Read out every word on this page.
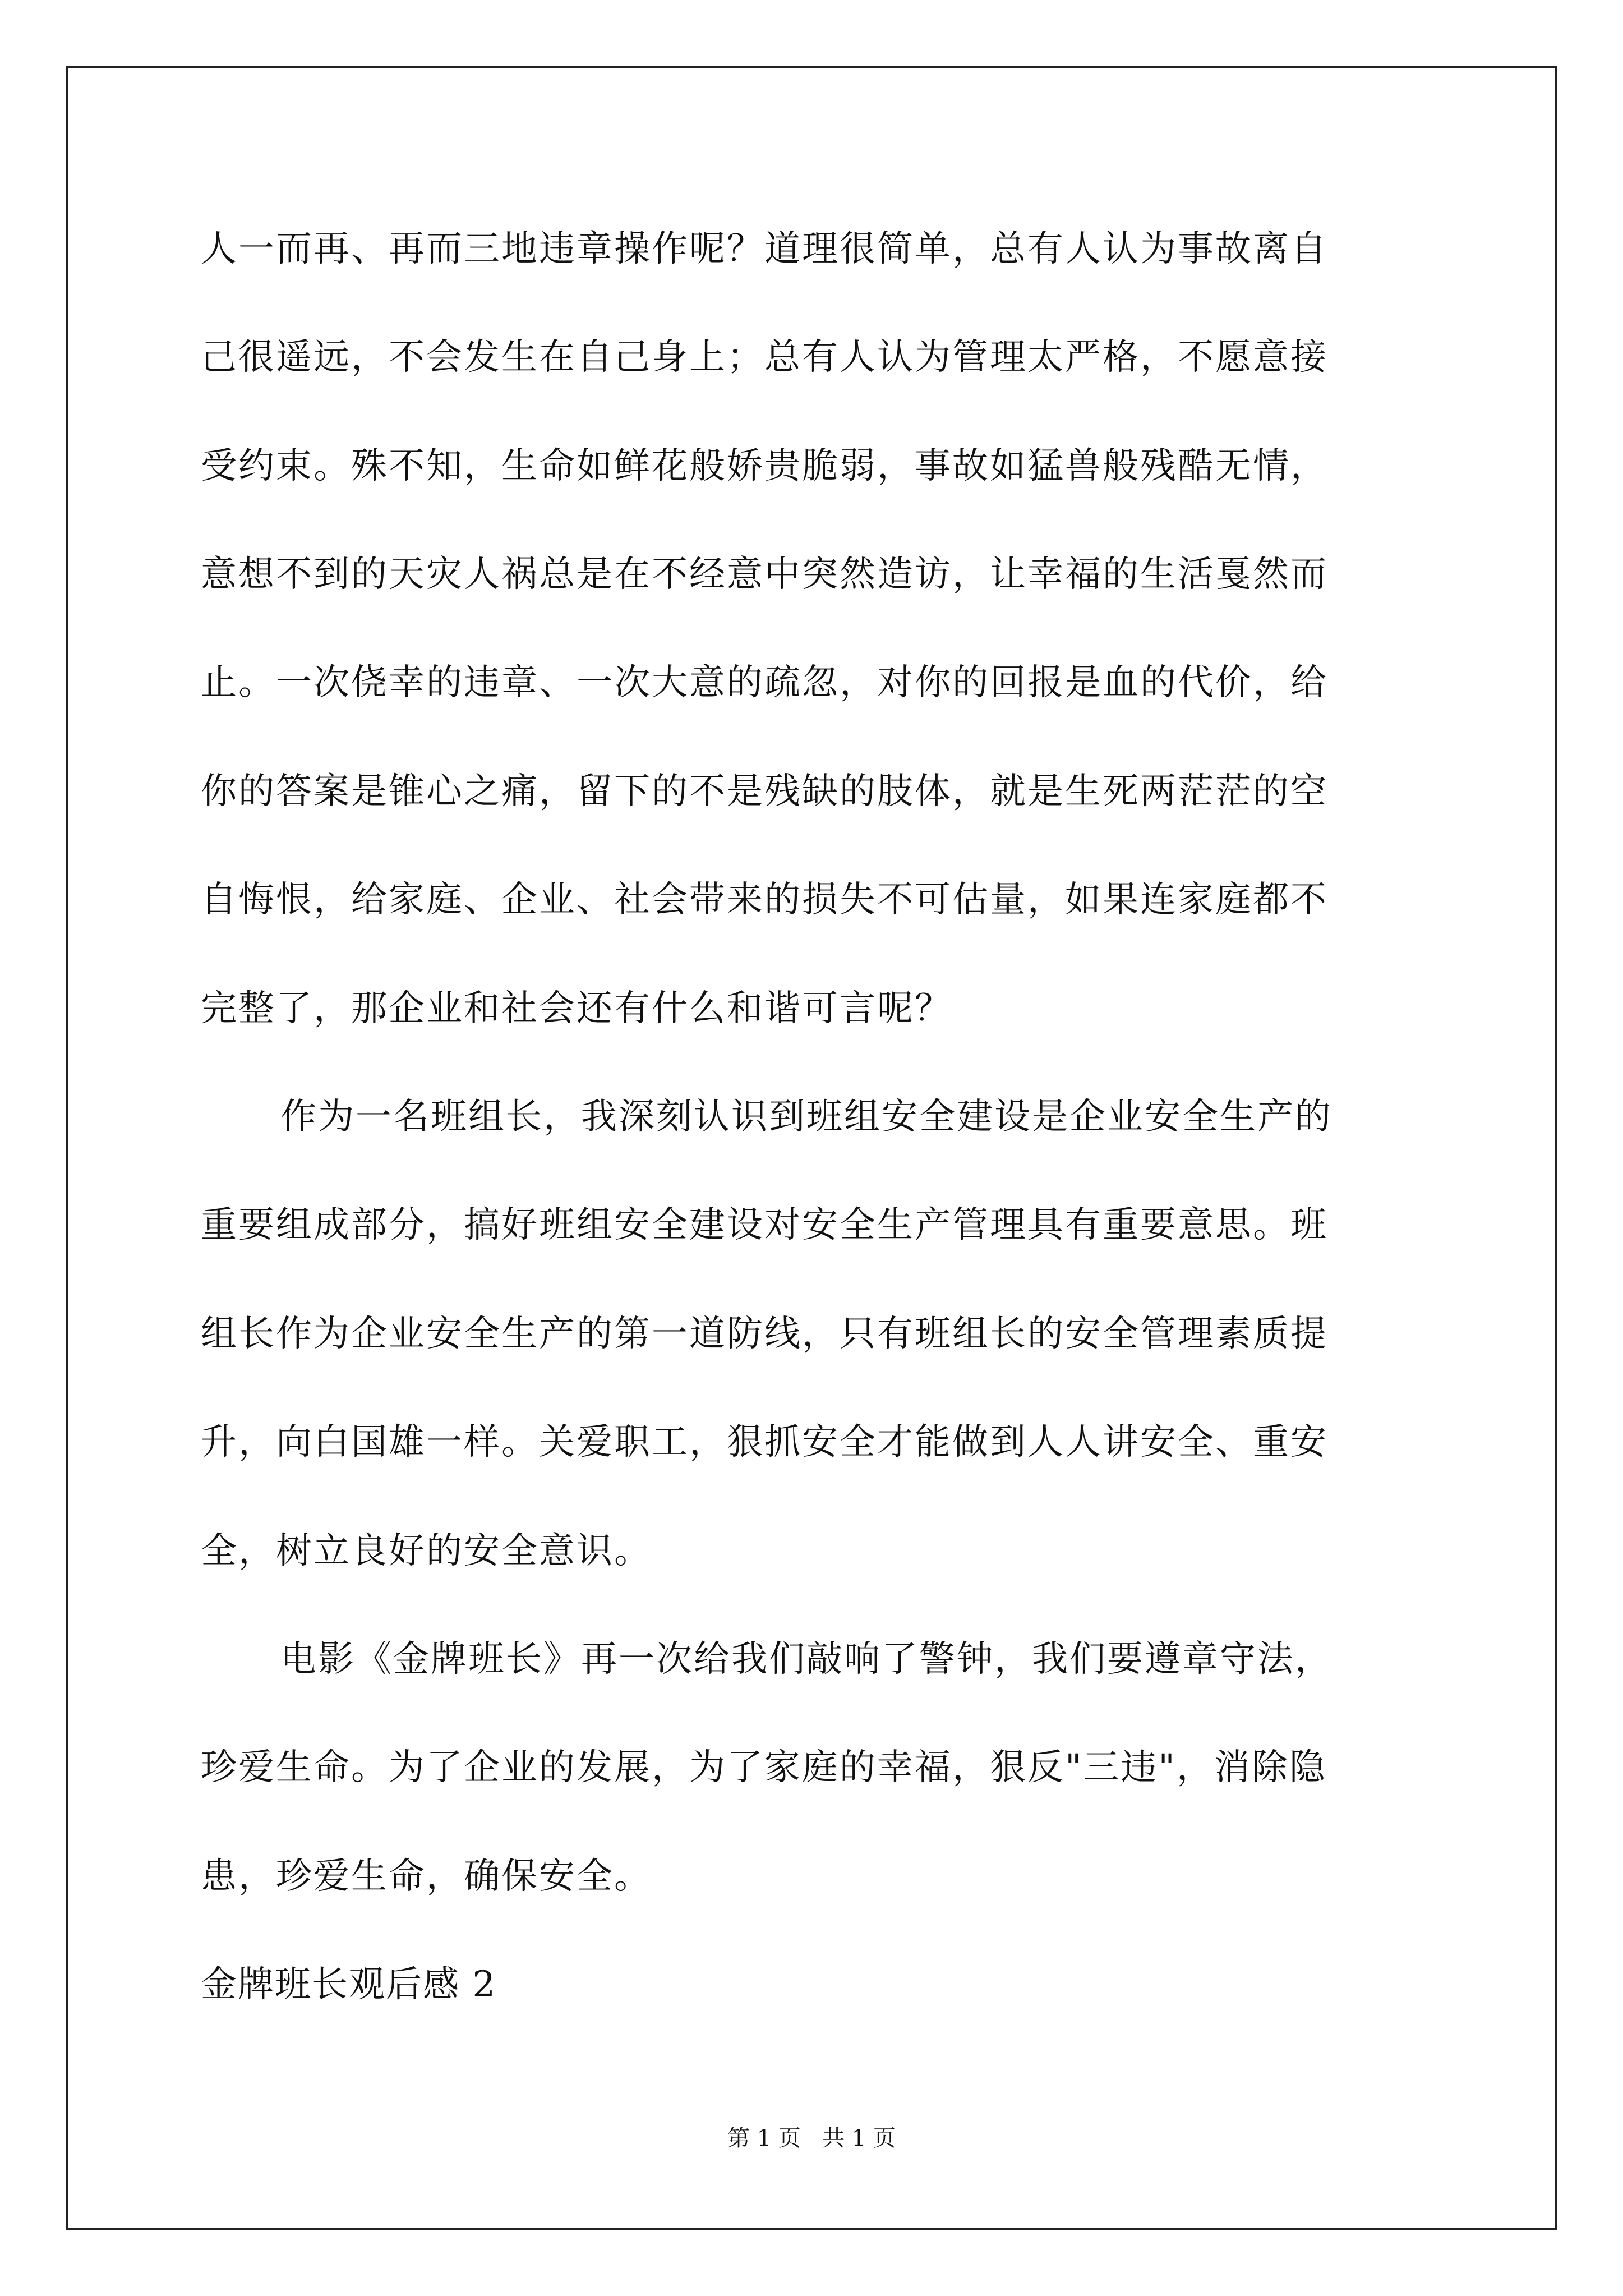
人一而再、再而三地违章操作呢？道理很简单，总有人认为事故离自
己很遥远，不会发生在自己身上；总有人认为管理太严格，不愿意接
受约束。殊不知，生命如鲜花般娇贵脆弱，事故如猛兽般残酷无情，
意想不到的天灾人祸总是在不经意中突然造访，让幸福的生活戛然而
止。一次侥幸的违章、一次大意的疏忽，对你的回报是血的代价，给
你的答案是锥心之痛，留下的不是残缺的肢体，就是生死两茫茫的空
自悔恨，给家庭、企业、社会带来的损失不可估量，如果连家庭都不
完整了，那企业和社会还有什么和谐可言呢？
作为一名班组长，我深刻认识到班组安全建设是企业安全生产的
重要组成部分，搞好班组安全建设对安全生产管理具有重要意思。班
组长作为企业安全生产的第一道防线，只有班组长的安全管理素质提
升，向白国雄一样。关爱职工，狠抓安全才能做到人人讲安全、重安
全，树立良好的安全意识。
电影《金牌班长》再一次给我们敲响了警钟，我们要遵章守法，
珍爱生命。为了企业的发展，为了家庭的幸福，狠反"三违"，消除隐
患，珍爱生命，确保安全。
金牌班长观后感 2
第 1 页   共 1 页
